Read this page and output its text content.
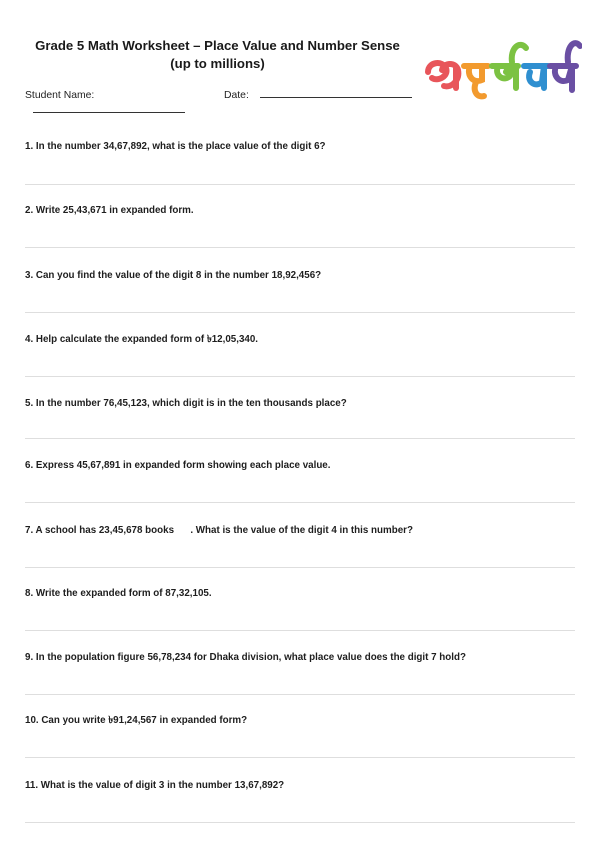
Grade 5 Math Worksheet – Place Value and Number Sense
(up to millions)
Student Name:	Date:
1. In the number 34,67,892, what is the place value of the digit 6?
2. Write 25,43,671 in expanded form.
3. Can you find the value of the digit 8 in the number 18,92,456?
4. Help calculate the expanded form of ৳12,05,340.
5. In the number 76,45,123, which digit is in the ten thousands place?
6. Express 45,67,891 in expanded form showing each place value.
7. A school has 23,45,678 books      . What is the value of the digit 4 in this number?
8. Write the expanded form of 87,32,105.
9. In the population figure 56,78,234 for Dhaka division, what place value does the digit 7 hold?
10. Can you write ৳91,24,567 in expanded form?
11. What is the value of digit 3 in the number 13,67,892?
